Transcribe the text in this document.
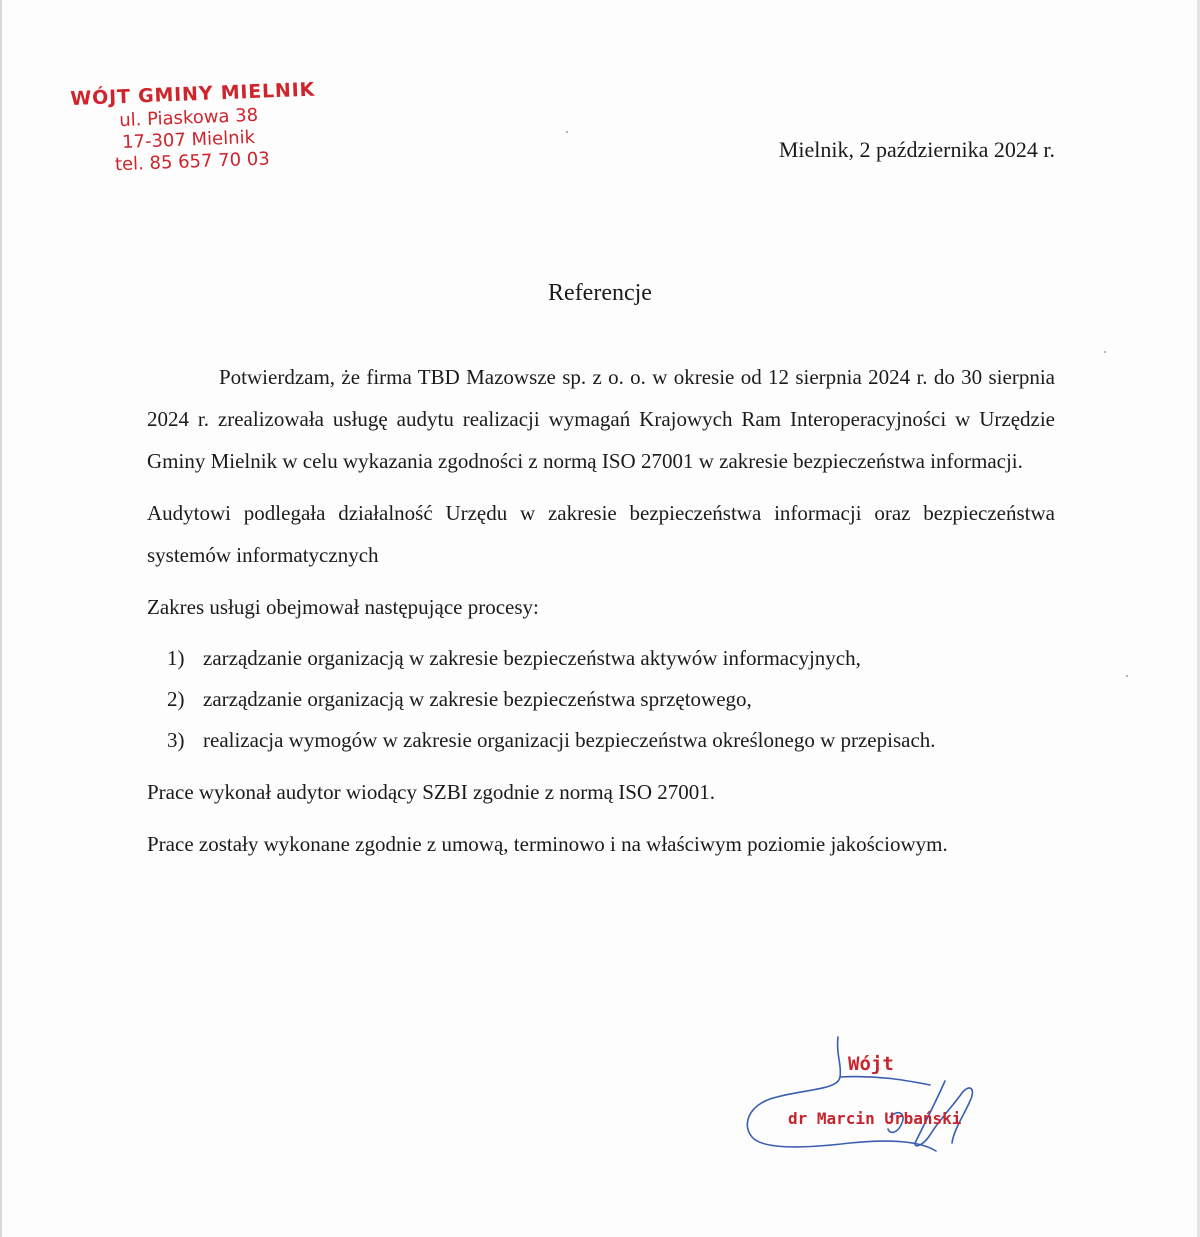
WÓJT GMINY MIELNIK
ul. Piaskowa 38
17-307 Mielnik
tel. 85 657 70 03	Mielnik, 2 października 2024 r.
Referencje

Potwierdzam, że firma TBD Mazowsze sp. z o. o. w okresie od 12 sierpnia 2024 r. do 30 sierpnia 2024 r. zrealizowała usługę audytu realizacji wymagań Krajowych Ram Interoperacyjności w Urzędzie Gminy Mielnik w celu wykazania zgodności z normą ISO 27001 w zakresie bezpieczeństwa informacji.

Audytowi podlegała działalność Urzędu w zakresie bezpieczeństwa informacji oraz bezpieczeństwa systemów informatycznych

Zakres usługi obejmował następujące procesy:

1) zarządzanie organizacją w zakresie bezpieczeństwa aktywów informacyjnych,
2) zarządzanie organizacją w zakresie bezpieczeństwa sprzętowego,
3) realizacja wymogów w zakresie organizacji bezpieczeństwa określonego w przepisach.

Prace wykonał audytor wiodący SZBI zgodnie z normą ISO 27001.

Prace zostały wykonane zgodnie z umową, terminowo i na właściwym poziomie jakościowym.

Wójt
dr Marcin Urbański
